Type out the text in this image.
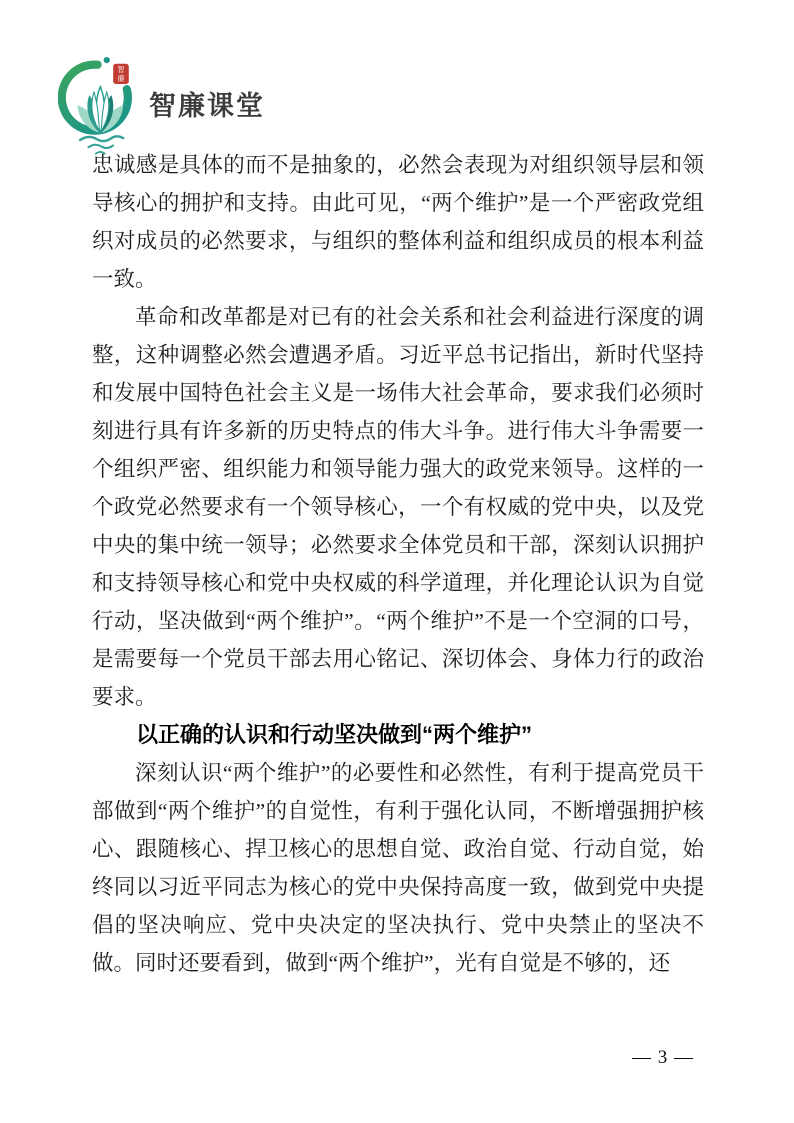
智
廉
智廉课堂

忠诚感是具体的而不是抽象的，必然会表现为对组织领导层和领导核心的拥护和支持。由此可见，“两个维护”是一个严密政党组织对成员的必然要求，与组织的整体利益和组织成员的根本利益一致。

革命和改革都是对已有的社会关系和社会利益进行深度的调整，这种调整必然会遭遇矛盾。习近平总书记指出，新时代坚持和发展中国特色社会主义是一场伟大社会革命，要求我们必须时刻进行具有许多新的历史特点的伟大斗争。进行伟大斗争需要一个组织严密、组织能力和领导能力强大的政党来领导。这样的一个政党必然要求有一个领导核心，一个有权威的党中央，以及党中央的集中统一领导；必然要求全体党员和干部，深刻认识拥护和支持领导核心和党中央权威的科学道理，并化理论认识为自觉行动，坚决做到“两个维护”。“两个维护”不是一个空洞的口号，是需要每一个党员干部去用心铭记、深切体会、身体力行的政治要求。

以正确的认识和行动坚决做到“两个维护”

深刻认识“两个维护”的必要性和必然性，有利于提高党员干部做到“两个维护”的自觉性，有利于强化认同，不断增强拥护核心、跟随核心、捍卫核心的思想自觉、政治自觉、行动自觉，始终同以习近平同志为核心的党中央保持高度一致，做到党中央提倡的坚决响应、党中央决定的坚决执行、党中央禁止的坚决不做。同时还要看到，做到“两个维护”，光有自觉是不够的，还

— 3 —
